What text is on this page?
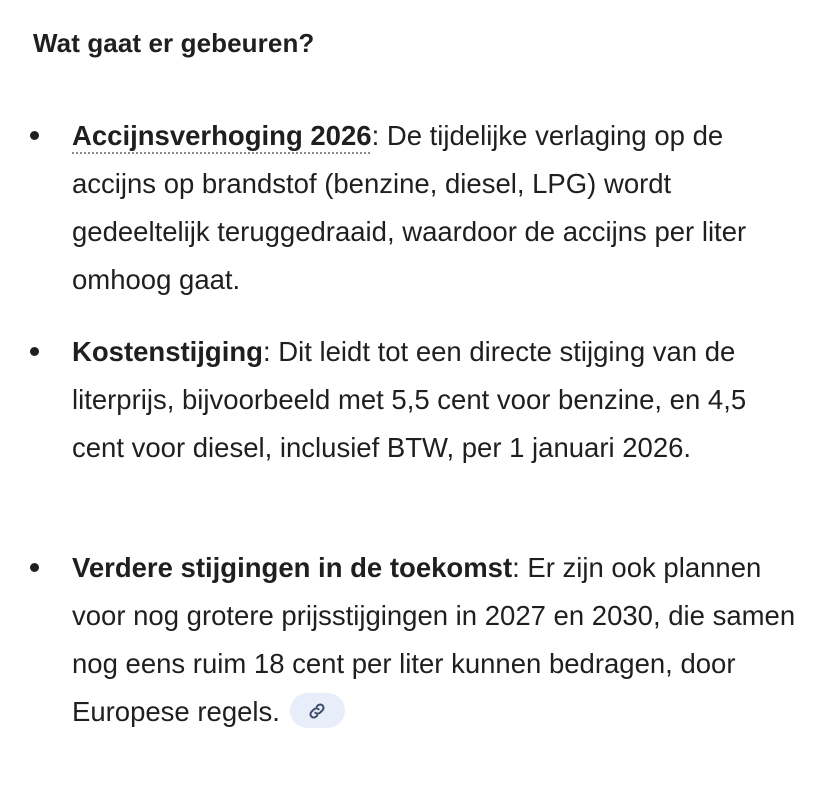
Wat gaat er gebeuren?
Accijnsverhoging 2026: De tijdelijke verlaging op de accijns op brandstof (benzine, diesel, LPG) wordt gedeeltelijk teruggedraaid, waardoor de accijns per liter omhoog gaat.
Kostenstijging: Dit leidt tot een directe stijging van de literprijs, bijvoorbeeld met 5,5 cent voor benzine, en 4,5 cent voor diesel, inclusief BTW, per 1 januari 2026.
Verdere stijgingen in de toekomst: Er zijn ook plannen voor nog grotere prijsstijgingen in 2027 en 2030, die samen nog eens ruim 18 cent per liter kunnen bedragen, door Europese regels.
